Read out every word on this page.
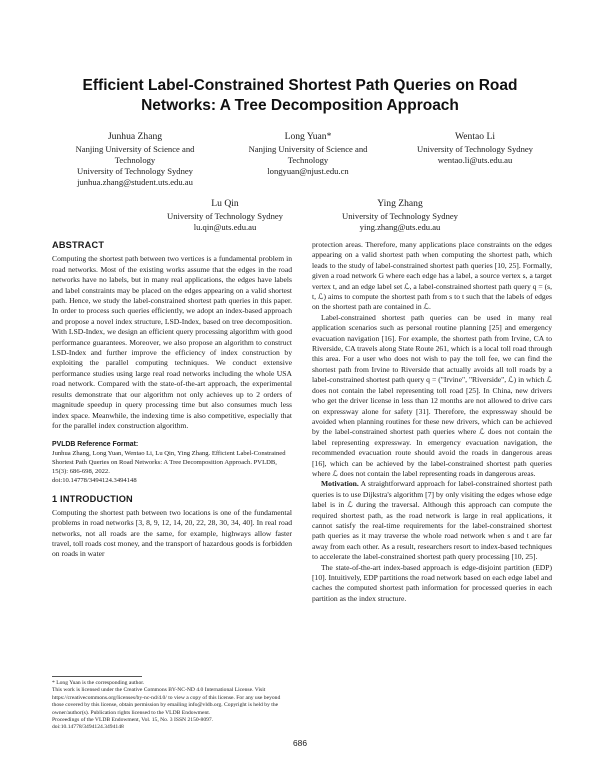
Efficient Label-Constrained Shortest Path Queries on Road Networks: A Tree Decomposition Approach
Junhua Zhang
Nanjing University of Science and Technology
University of Technology Sydney
junhua.zhang@student.uts.edu.au
Long Yuan*
Nanjing University of Science and Technology
longyuan@njust.edu.cn
Wentao Li
University of Technology Sydney
wentao.li@uts.edu.au
Lu Qin
University of Technology Sydney
lu.qin@uts.edu.au
Ying Zhang
University of Technology Sydney
ying.zhang@uts.edu.au
ABSTRACT

Computing the shortest path between two vertices is a fundamental problem in road networks. Most of the existing works assume that the edges in the road networks have no labels, but in many real applications, the edges have labels and label constraints may be placed on the edges appearing on a valid shortest path. Hence, we study the label-constrained shortest path queries in this paper. In order to process such queries efficiently, we adopt an index-based approach and propose a novel index structure, LSD-Index, based on tree decomposition. With LSD-Index, we design an efficient query processing algorithm with good performance guarantees. Moreover, we also propose an algorithm to construct LSD-Index and further improve the efficiency of index construction by exploiting the parallel computing techniques. We conduct extensive performance studies using large real road networks including the whole USA road network. Compared with the state-of-the-art approach, the experimental results demonstrate that our algorithm not only achieves up to 2 orders of magnitude speedup in query processing time but also consumes much less index space. Meanwhile, the indexing time is also competitive, especially that for the parallel index construction algorithm.

PVLDB Reference Format:
Junhua Zhang, Long Yuan, Wentao Li, Lu Qin, Ying Zhang. Efficient Label-Constrained Shortest Path Queries on Road Networks: A Tree Decomposition Approach. PVLDB, 15(3): 686-698, 2022.
doi:10.14778/3494124.3494148
1 INTRODUCTION

Computing the shortest path between two locations is one of the fundamental problems in road networks [3, 8, 9, 12, 14, 20, 22, 28, 30, 34, 40]. In real road networks, not all roads are the same, for example, highways allow faster travel, toll roads cost money, and the transport of hazardous goods is forbidden on roads in water

* Long Yuan is the corresponding author.

This work is licensed under the Creative Commons BY-NC-ND 4.0 International License. Visit https://creativecommons.org/licenses/by-nc-nd/4.0/ to view a copy of this license. For any use beyond those covered by this license, obtain permission by emailing info@vldb.org. Copyright is held by the owner/author(s). Publication rights licensed to the VLDB Endowment.

Proceedings of the VLDB Endowment, Vol. 15, No. 3 ISSN 2150-8097.

doi:10.14778/3494124.3494148

protection areas. Therefore, many applications place constraints on the edges appearing on a valid shortest path when computing the shortest path, which leads to the study of label-constrained shortest path queries [10, 25]. Formally, given a road network G where each edge has a label, a source vertex s, a target vertex t, and an edge label set ℒ, a label-constrained shortest path query q = (s, t, ℒ) aims to compute the shortest path from s to t such that the labels of edges on the shortest path are contained in ℒ.

Label-constrained shortest path queries can be used in many real application scenarios such as personal routine planning [25] and emergency evacuation navigation [16]. For example, the shortest path from Irvine, CA to Riverside, CA travels along State Route 261, which is a local toll road through this area. For a user who does not wish to pay the toll fee, we can find the shortest path from Irvine to Riverside that actually avoids all toll roads by a label-constrained shortest path query q = ("Irvine", "Riverside", ℒ) in which ℒ does not contain the label representing toll road [25]. In China, new drivers who get the driver license in less than 12 months are not allowed to drive cars on expressway alone for safety [31]. Therefore, the expressway should be avoided when planning routines for these new drivers, which can be achieved by the label-constrained shortest path queries where ℒ does not contain the label representing expressway. In emergency evacuation navigation, the recommended evacuation route should avoid the roads in dangerous areas [16], which can be achieved by the label-constrained shortest path queries where ℒ does not contain the label representing roads in dangerous areas.

Motivation. A straightforward approach for label-constrained shortest path queries is to use Dijkstra's algorithm [7] by only visiting the edges whose edge label is in ℒ during the traversal. Although this approach can compute the required shortest path, as the road network is large in real applications, it cannot satisfy the real-time requirements for the label-constrained shortest path queries as it may traverse the whole road network when s and t are far away from each other. As a result, researchers resort to index-based techniques to accelerate the label-constrained shortest path query processing [10, 25].

The state-of-the-art index-based approach is edge-disjoint partition (EDP) [10]. Intuitively, EDP partitions the road network based on each edge label and caches the computed shortest path information for processed queries in each partition as the index structure.

686
